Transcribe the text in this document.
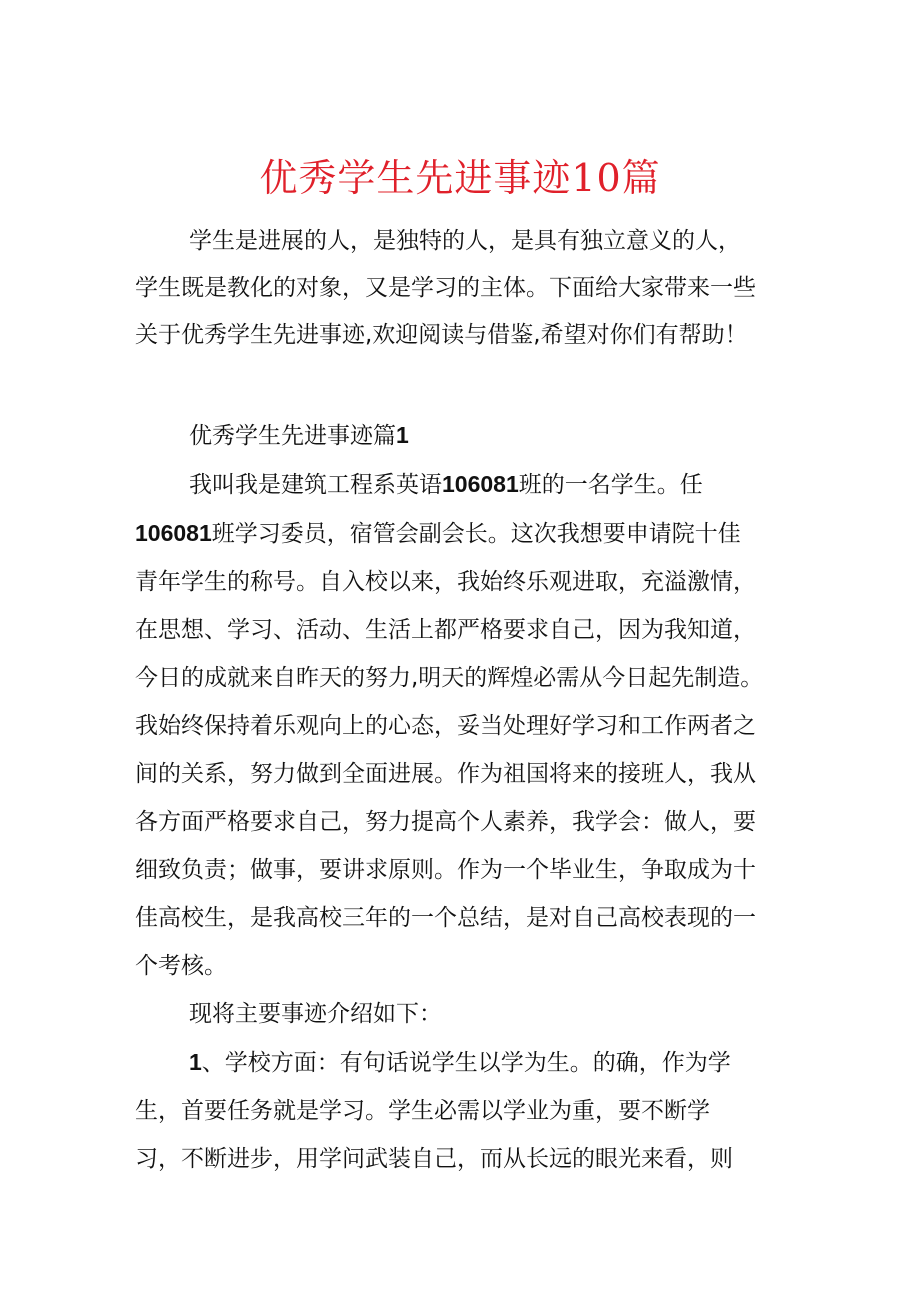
优秀学生先进事迹10篇
学生是进展的人，是独特的人，是具有独立意义的人，
学生既是教化的对象，又是学习的主体。下面给大家带来一些
关于优秀学生先进事迹,欢迎阅读与借鉴,希望对你们有帮助！
优秀学生先进事迹篇1
我叫我是建筑工程系英语106081班的一名学生。任
106081班学习委员，宿管会副会长。这次我想要申请院十佳
青年学生的称号。自入校以来，我始终乐观进取，充溢激情，
在思想、学习、活动、生活上都严格要求自己，因为我知道，
今日的成就来自昨天的努力,明天的辉煌必需从今日起先制造。
我始终保持着乐观向上的心态，妥当处理好学习和工作两者之
间的关系，努力做到全面进展。作为祖国将来的接班人，我从
各方面严格要求自己，努力提高个人素养，我学会：做人，要
细致负责；做事，要讲求原则。作为一个毕业生，争取成为十
佳高校生，是我高校三年的一个总结，是对自己高校表现的一
个考核。
现将主要事迹介绍如下：
1、学校方面：有句话说学生以学为生。的确，作为学
生，首要任务就是学习。学生必需以学业为重，要不断学
习，不断进步，用学问武装自己，而从长远的眼光来看，则
